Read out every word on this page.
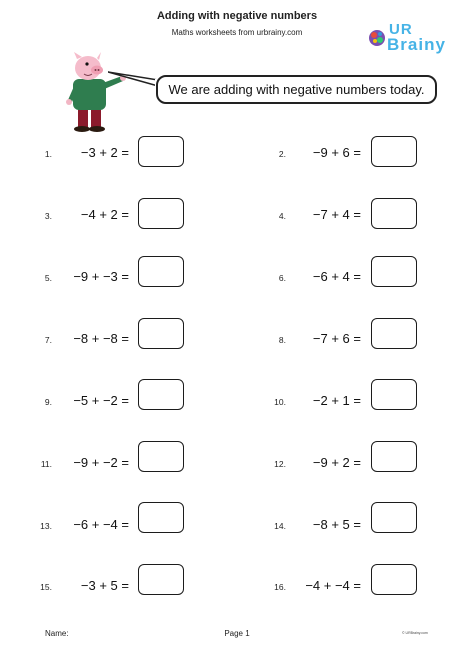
Adding with negative numbers
Maths worksheets from urbrainy.com	UR
Brainy
We are adding with negative numbers today.
1.	−3 + 2 =
3.	−4 + 2 =
5.	−9 + −3 =
7.	−8 + −8 =
9.	−5 + −2 =
11.	−9 + −2 =
13.	−6 + −4 =
15.	−3 + 5 =
2.	−9 + 6 =
4.	−7 + 4 =
6.	−6 + 4 =
8.	−7 + 6 =
10.	−2 + 1 =
12.	−9 + 2 =
14.	−8 + 5 =
16.	−4 + −4 =
Name:	Page 1	© URBrainy.com
